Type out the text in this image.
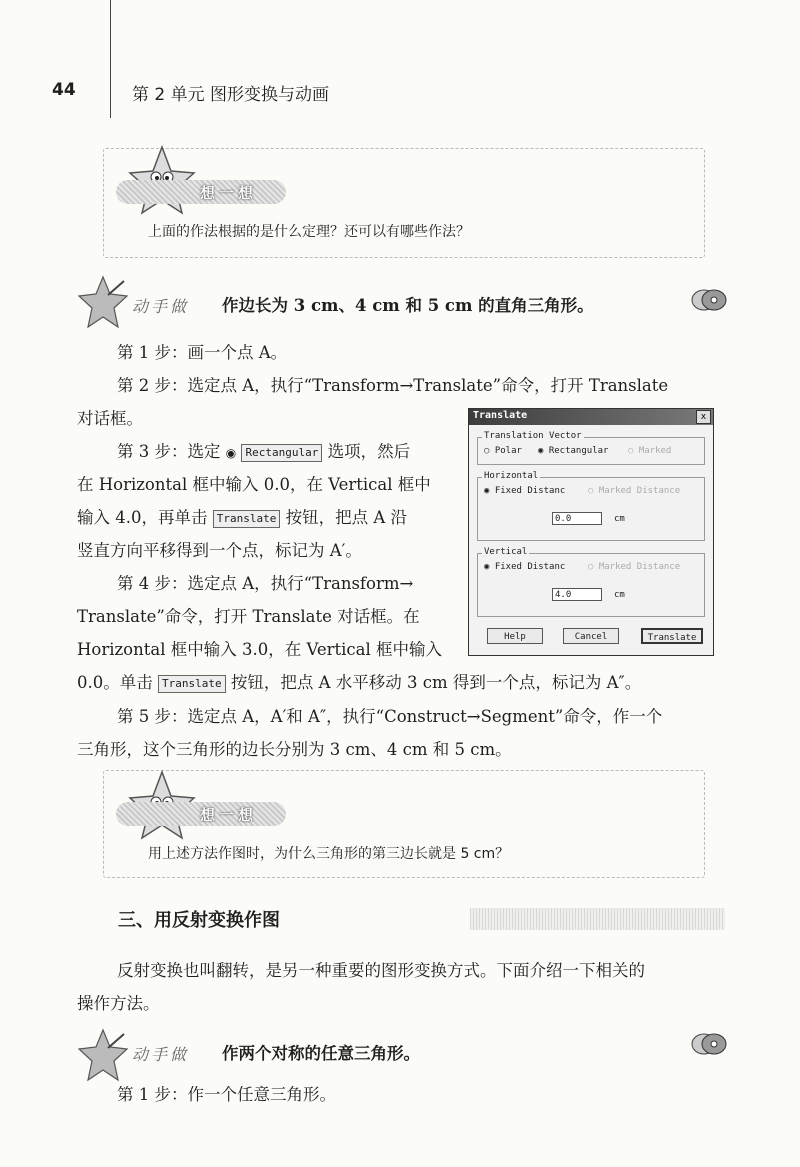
44	第 2 单元 图形变换与动画
想一想
上面的作法根据的是什么定理？还可以有哪些作法？
动手做 作边长为 3 cm、4 cm 和 5 cm 的直角三角形。
第 1 步：画一个点 A。
第 2 步：选定点 A，执行“Transform→Translate”命令，打开 Translate
对话框。
第 3 步：选定 ◉ Rectangular 选项，然后
在 Horizontal 框中输入 0.0，在 Vertical 框中
输入 4.0，再单击 Translate 按钮，把点 A 沿
竖直方向平移得到一个点，标记为 A′。
第 4 步：选定点 A，执行“Transform→
Translate”命令，打开 Translate 对话框。在
Horizontal 框中输入 3.0，在 Vertical 框中输入
0.0。单击 Translate 按钮，把点 A 水平移动 3 cm 得到一个点，标记为 A″。
第 5 步：选定点 A，A′和 A″，执行“Construct→Segment”命令，作一个
三角形，这个三角形的边长分别为 3 cm、4 cm 和 5 cm。
Translate	x
Translation Vector
○ Polar ◉ Rectangular ○ Marked
Horizontal
◉ Fixed Distanc	○ Marked Distance
0.0	cm
Vertical
◉ Fixed Distanc	○ Marked Distance
4.0	cm
Help	Cancel	Translate
想一想
用上述方法作图时，为什么三角形的第三边长就是 5 cm？
三、用反射变换作图
反射变换也叫翻转，是另一种重要的图形变换方式。下面介绍一下相关的
操作方法。
动手做 作两个对称的任意三角形。
第 1 步：作一个任意三角形。
